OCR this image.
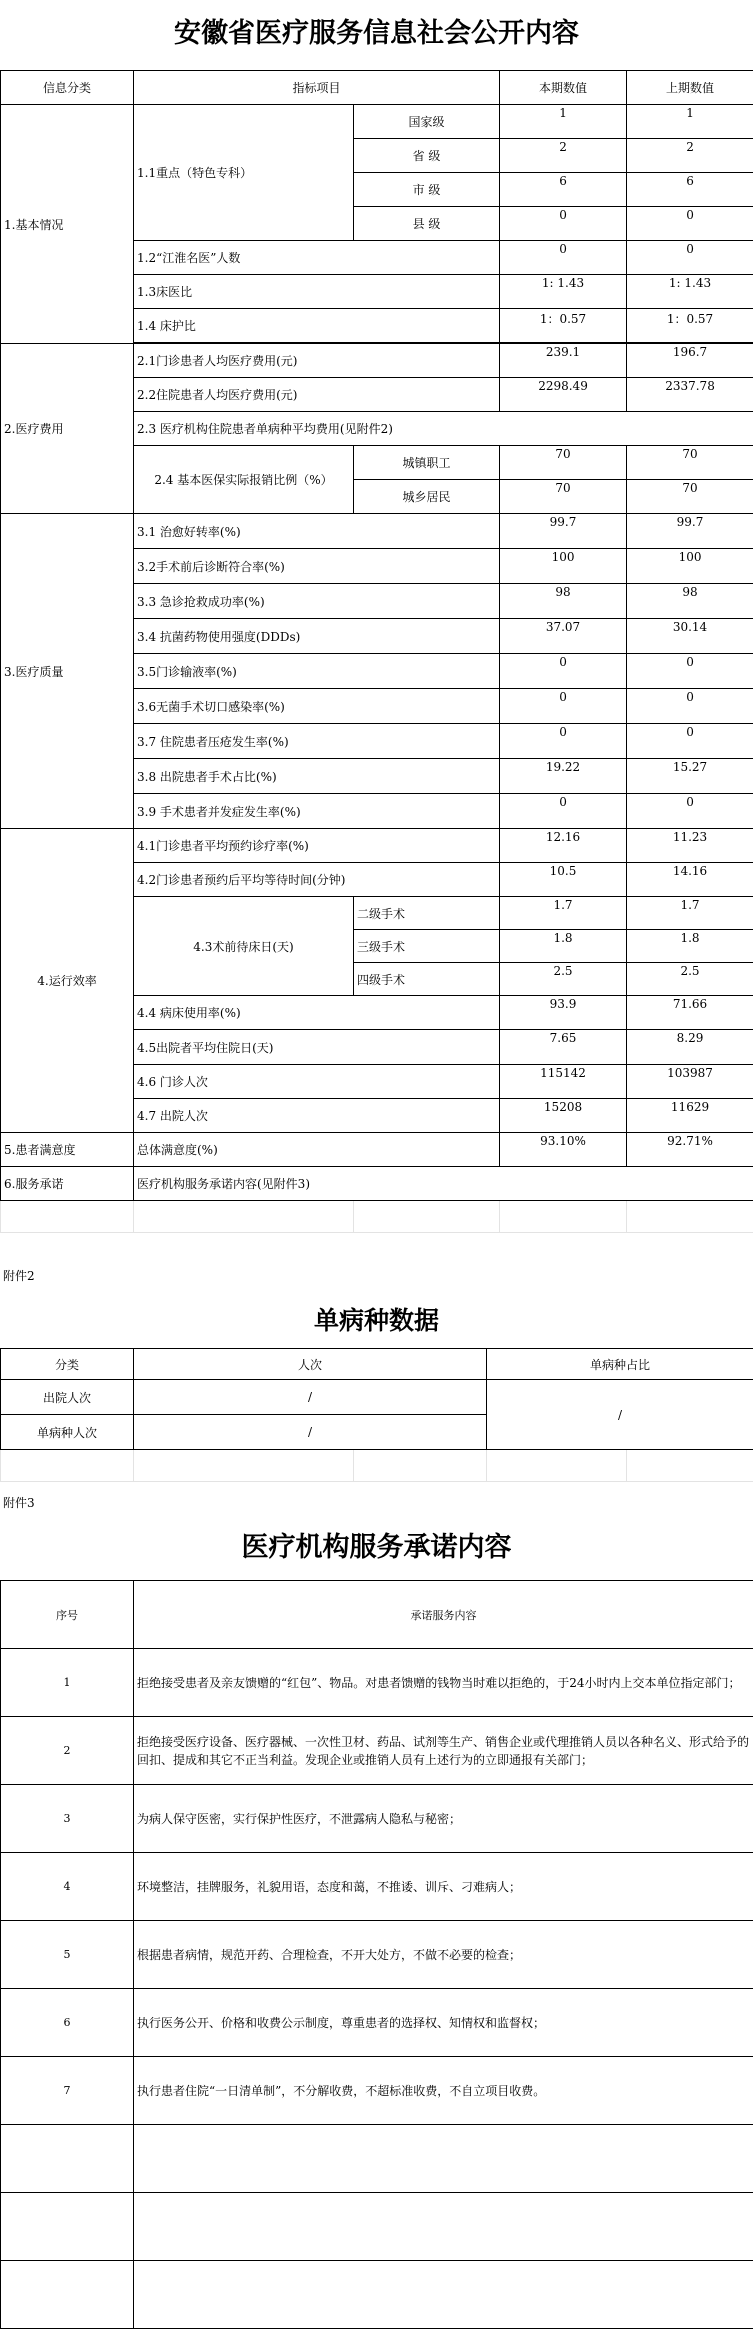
安徽省医疗服务信息社会公开内容
信息分类	指标项目		本期数值	上期数值
1.基本情况	1.1重点（特色专科）	国家级	1	1
		省 级	2	2
		市 级	6	6
		县 级	0	0
	1.2“江淮名医”人数		0	0
	1.3床医比		1: 1.43	1: 1.43
	1.4 床护比		1：0.57	1：0.57

2.医疗费用	2.1门诊患者人均医疗费用(元)		239.1	196.7
	2.2住院患者人均医疗费用(元)		2298.49	2337.78
	2.3 医疗机构住院患者单病种平均费用(见附件2)			
	2.4 基本医保实际报销比例（%）	城镇职工	70	70
		城乡居民	70	70
3.医疗质量	3.1 治愈好转率(%)		99.7	99.7
	3.2手术前后诊断符合率(%)		100	100
	3.3 急诊抢救成功率(%)		98	98
	3.4 抗菌药物使用强度(DDDs)		37.07	30.14
	3.5门诊输液率(%)		0	0
	3.6无菌手术切口感染率(%)		0	0
	3.7 住院患者压疮发生率(%)		0	0
	3.8 出院患者手术占比(%)		19.22	15.27
	3.9 手术患者并发症发生率(%)		0	0
4.运行效率	4.1门诊患者平均预约诊疗率(%)		12.16	11.23
	4.2门诊患者预约后平均等待时间(分钟)		10.5	14.16
	4.3术前待床日(天)	二级手术	1.7	1.7
		三级手术	1.8	1.8
		四级手术	2.5	2.5
	4.4 病床使用率(%)		93.9	71.66
	4.5出院者平均住院日(天)		7.65	8.29
	4.6 门诊人次		115142	103987
	4.7 出院人次		15208	11629
5.患者满意度	总体满意度(%)		93.10%	92.71%
6.服务承诺	医疗机构服务承诺内容(见附件3)			

附件2
单病种数据
分类	人次		单病种占比	
出院人次	/		/	
单病种人次	/			

附件3
医疗机构服务承诺内容
序号	承诺服务内容
1	拒绝接受患者及亲友馈赠的“红包”、物品。对患者馈赠的钱物当时难以拒绝的，于24小时内上交本单位指定部门；
2	拒绝接受医疗设备、医疗器械、一次性卫材、药品、试剂等生产、销售企业或代理推销人员以各种名义、形式给予的回扣、提成和其它不正当利益。发现企业或推销人员有上述行为的立即通报有关部门；
3	为病人保守医密，实行保护性医疗，不泄露病人隐私与秘密；
4	环境整洁，挂牌服务，礼貌用语，态度和蔼，不推诿、训斥、刁难病人；
5	根据患者病情，规范开药、合理检查，不开大处方，不做不必要的检查；
6	执行医务公开、价格和收费公示制度，尊重患者的选择权、知情权和监督权；
7	执行患者住院“一日清单制”，不分解收费，不超标准收费，不自立项目收费。
